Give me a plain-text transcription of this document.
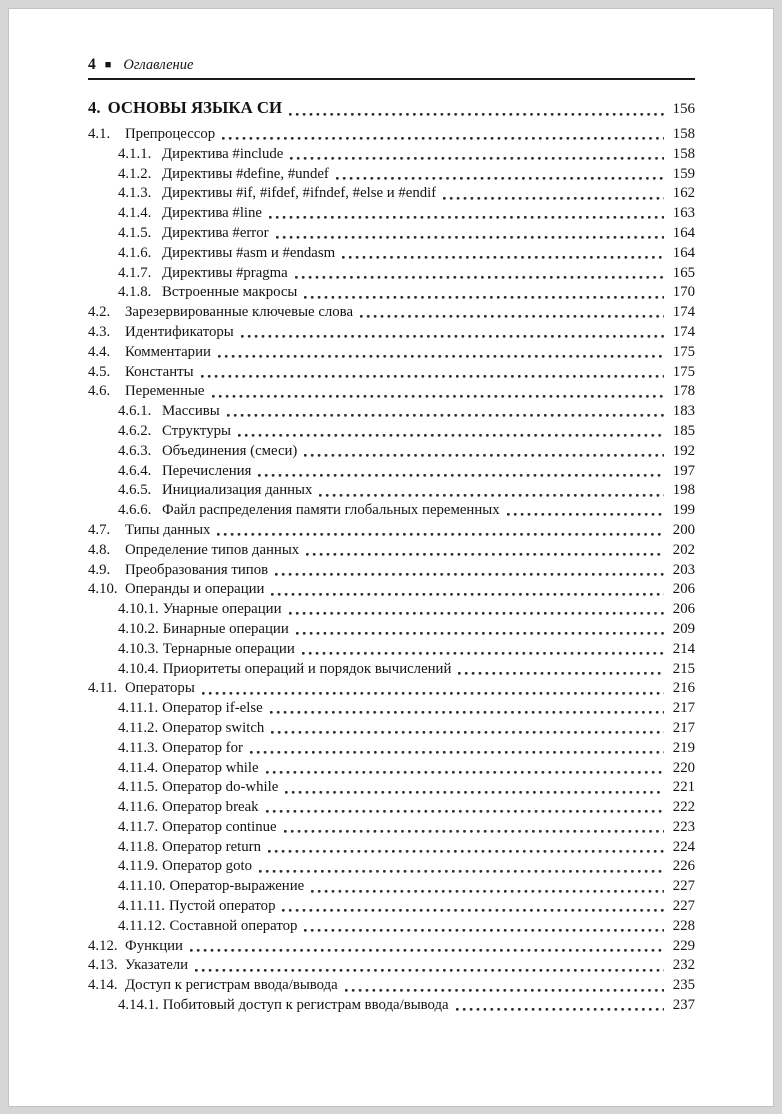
4 ■ Оглавление
4. ОСНОВЫ ЯЗЫКА СИ	156
4.1. Препроцессор	158
4.1.1. Директива #include	158
4.1.2. Директивы #define, #undef	159
4.1.3. Директивы #if, #ifdef, #ifndef, #else и #endif	162
4.1.4. Директива #line	163
4.1.5. Директива #error	164
4.1.6. Директивы #asm и #endasm	164
4.1.7. Директивы #pragma	165
4.1.8. Встроенные макросы	170
4.2. Зарезервированные ключевые слова	174
4.3. Идентификаторы	174
4.4. Комментарии	175
4.5. Константы	175
4.6. Переменные	178
4.6.1. Массивы	183
4.6.2. Структуры	185
4.6.3. Объединения (смеси)	192
4.6.4. Перечисления	197
4.6.5. Инициализация данных	198
4.6.6. Файл распределения памяти глобальных переменных	199
4.7. Типы данных	200
4.8. Определение типов данных	202
4.9. Преобразования типов	203
4.10. Операнды и операции	206
4.10.1. Унарные операции	206
4.10.2. Бинарные операции	209
4.10.3. Тернарные операции	214
4.10.4. Приоритеты операций и порядок вычислений	215
4.11. Операторы	216
4.11.1. Оператор if-else	217
4.11.2. Оператор switch	217
4.11.3. Оператор for	219
4.11.4. Оператор while	220
4.11.5. Оператор do-while	221
4.11.6. Оператор break	222
4.11.7. Оператор continue	223
4.11.8. Оператор return	224
4.11.9. Оператор goto	226
4.11.10. Оператор-выражение	227
4.11.11. Пустой оператор	227
4.11.12. Составной оператор	228
4.12. Функции	229
4.13. Указатели	232
4.14. Доступ к регистрам ввода/вывода	235
4.14.1. Побитовый доступ к регистрам ввода/вывода	237
